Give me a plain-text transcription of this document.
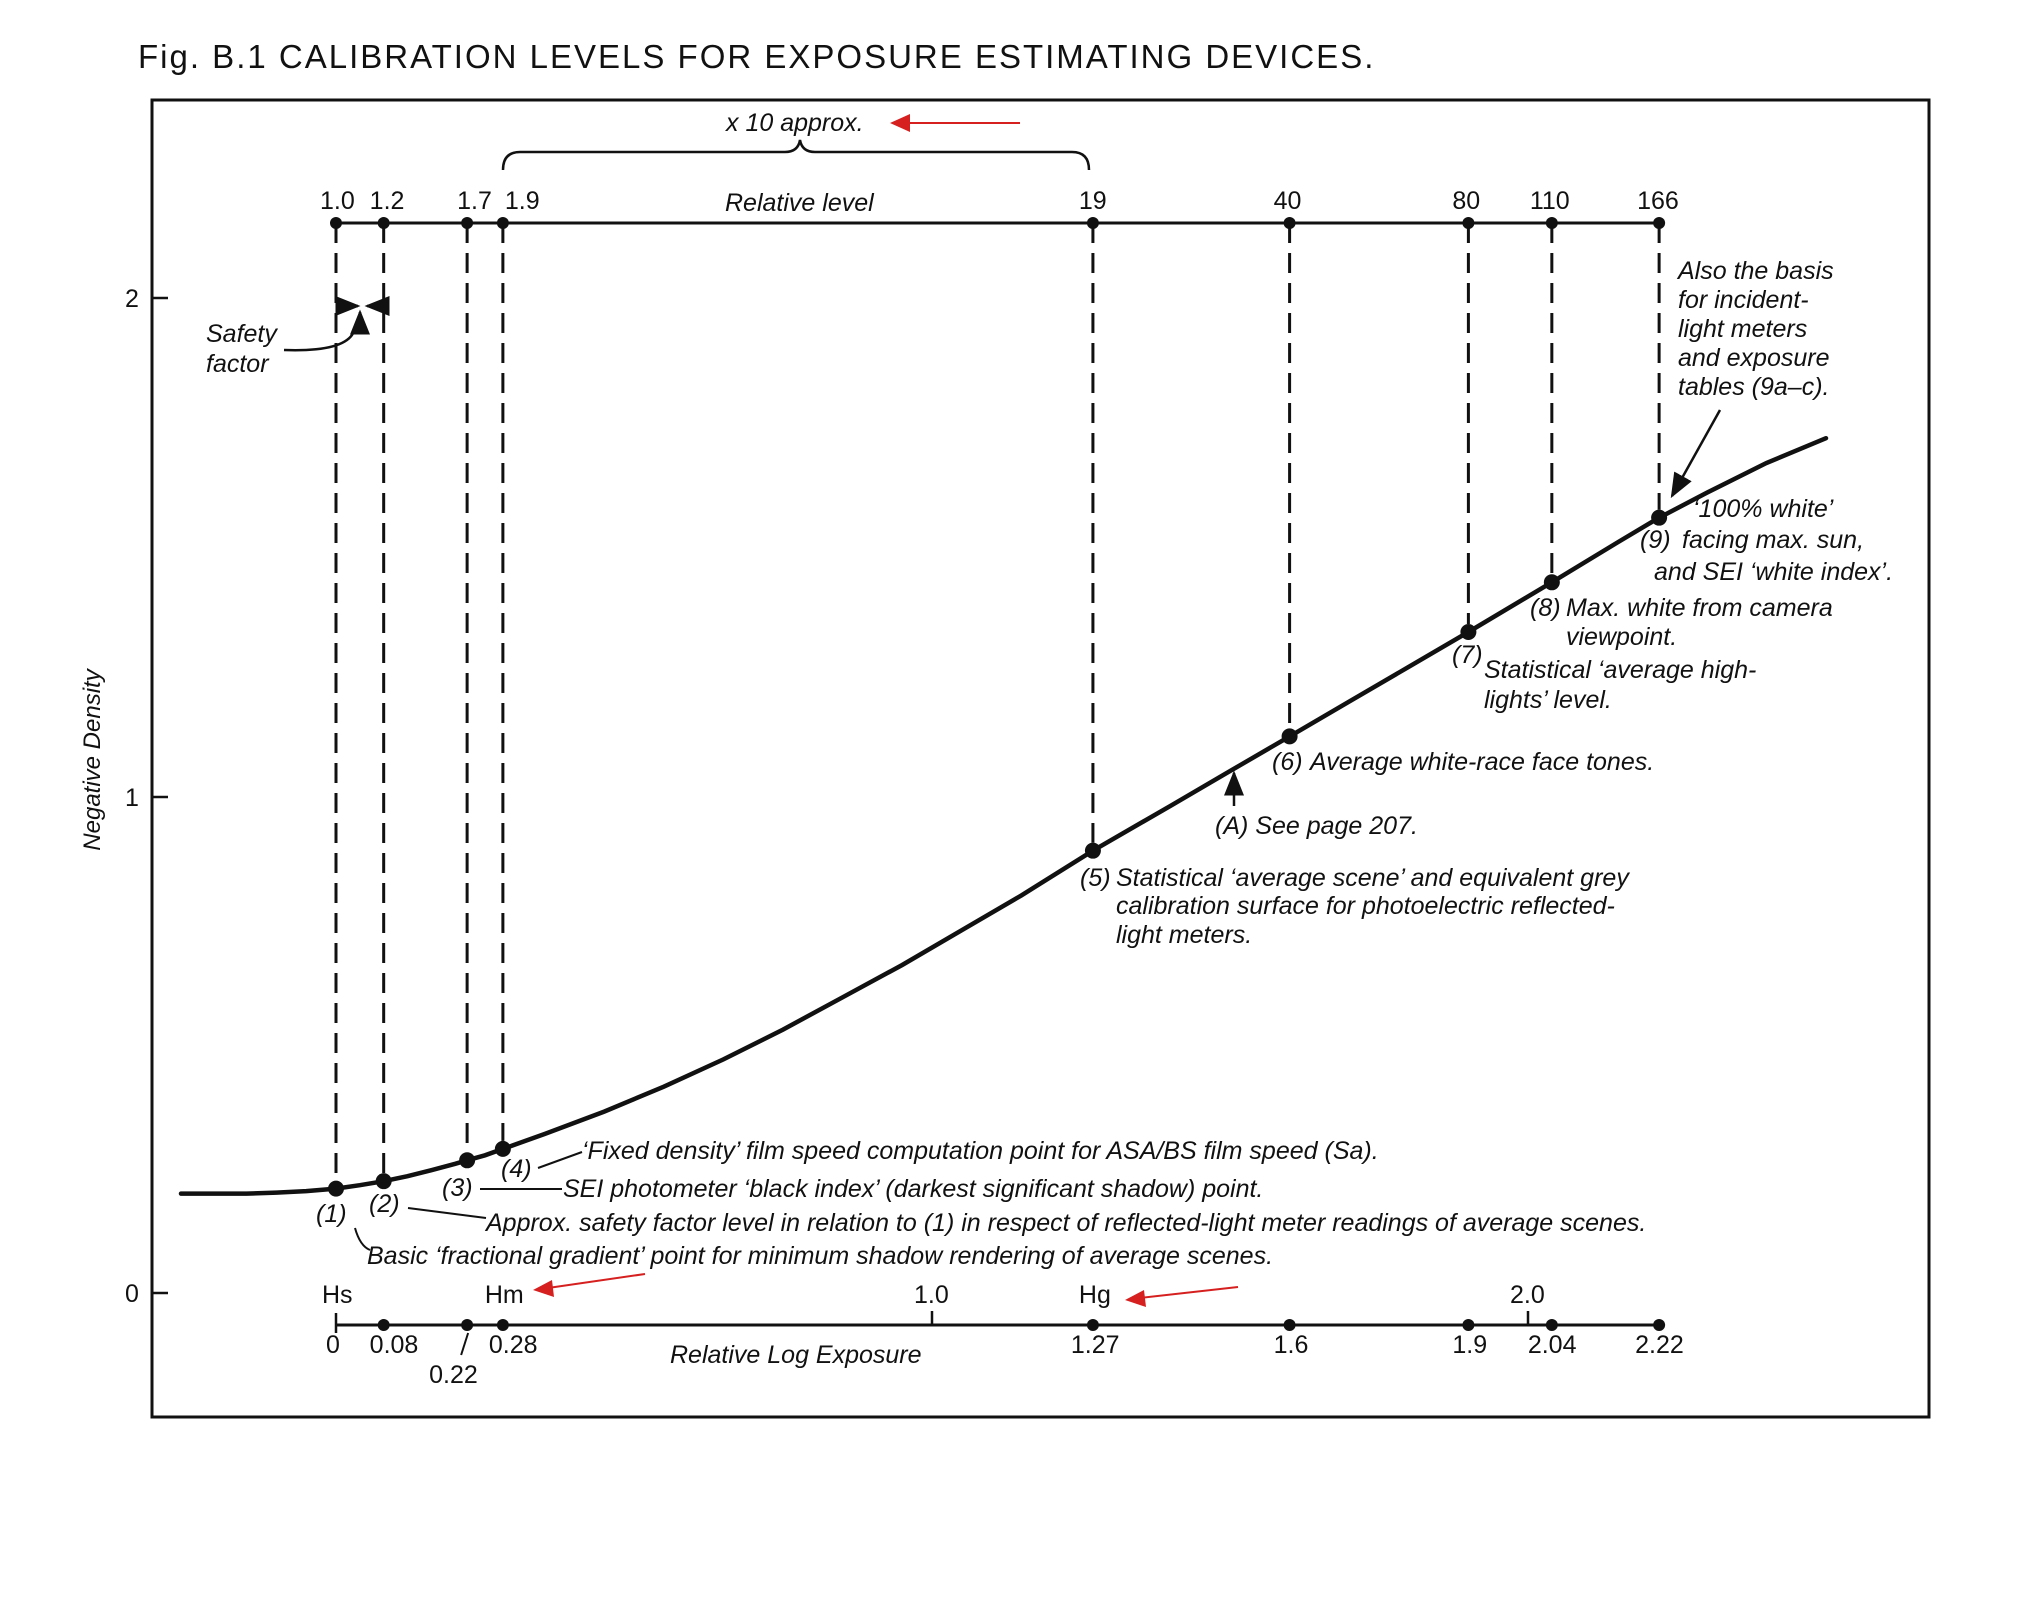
Fig. B.1 CALIBRATION LEVELS FOR EXPOSURE ESTIMATING DEVICES.
0
1
2
Negative Density
Relative level
x 10 approx.
Relative Log Exposure
1.0 1.2 1.7 1.9	19	40	80 110	166
0 0.08
0.22
0.28	1.27	1.6	1.9 2.04 2.22
1.0	2.0
Hs	Hm	Hg
Safety
factor
(A) See page 207.
Also the basis
for incident-
light meters
and exposure
tables (9a–c).
‘100% white’
(9) facing max. sun,
and SEI ‘white index’.
(8) Max. white from camera
viewpoint.
(7)
Statistical ‘average high-
lights’ level.
(6) Average white-race face tones.
(5) Statistical ‘average scene’ and equivalent grey
calibration surface for photoelectric reflected-
light meters.
(4)
‘Fixed density’ film speed computation point for ASA/BS film speed (Sa).
(3)	SEI photometer ‘black index’ (darkest significant shadow) point.
(2)
Approx. safety factor level in relation to (1) in respect of reflected-light meter readings of average scenes.
(1)
Basic ‘fractional gradient’ point for minimum shadow rendering of average scenes.
